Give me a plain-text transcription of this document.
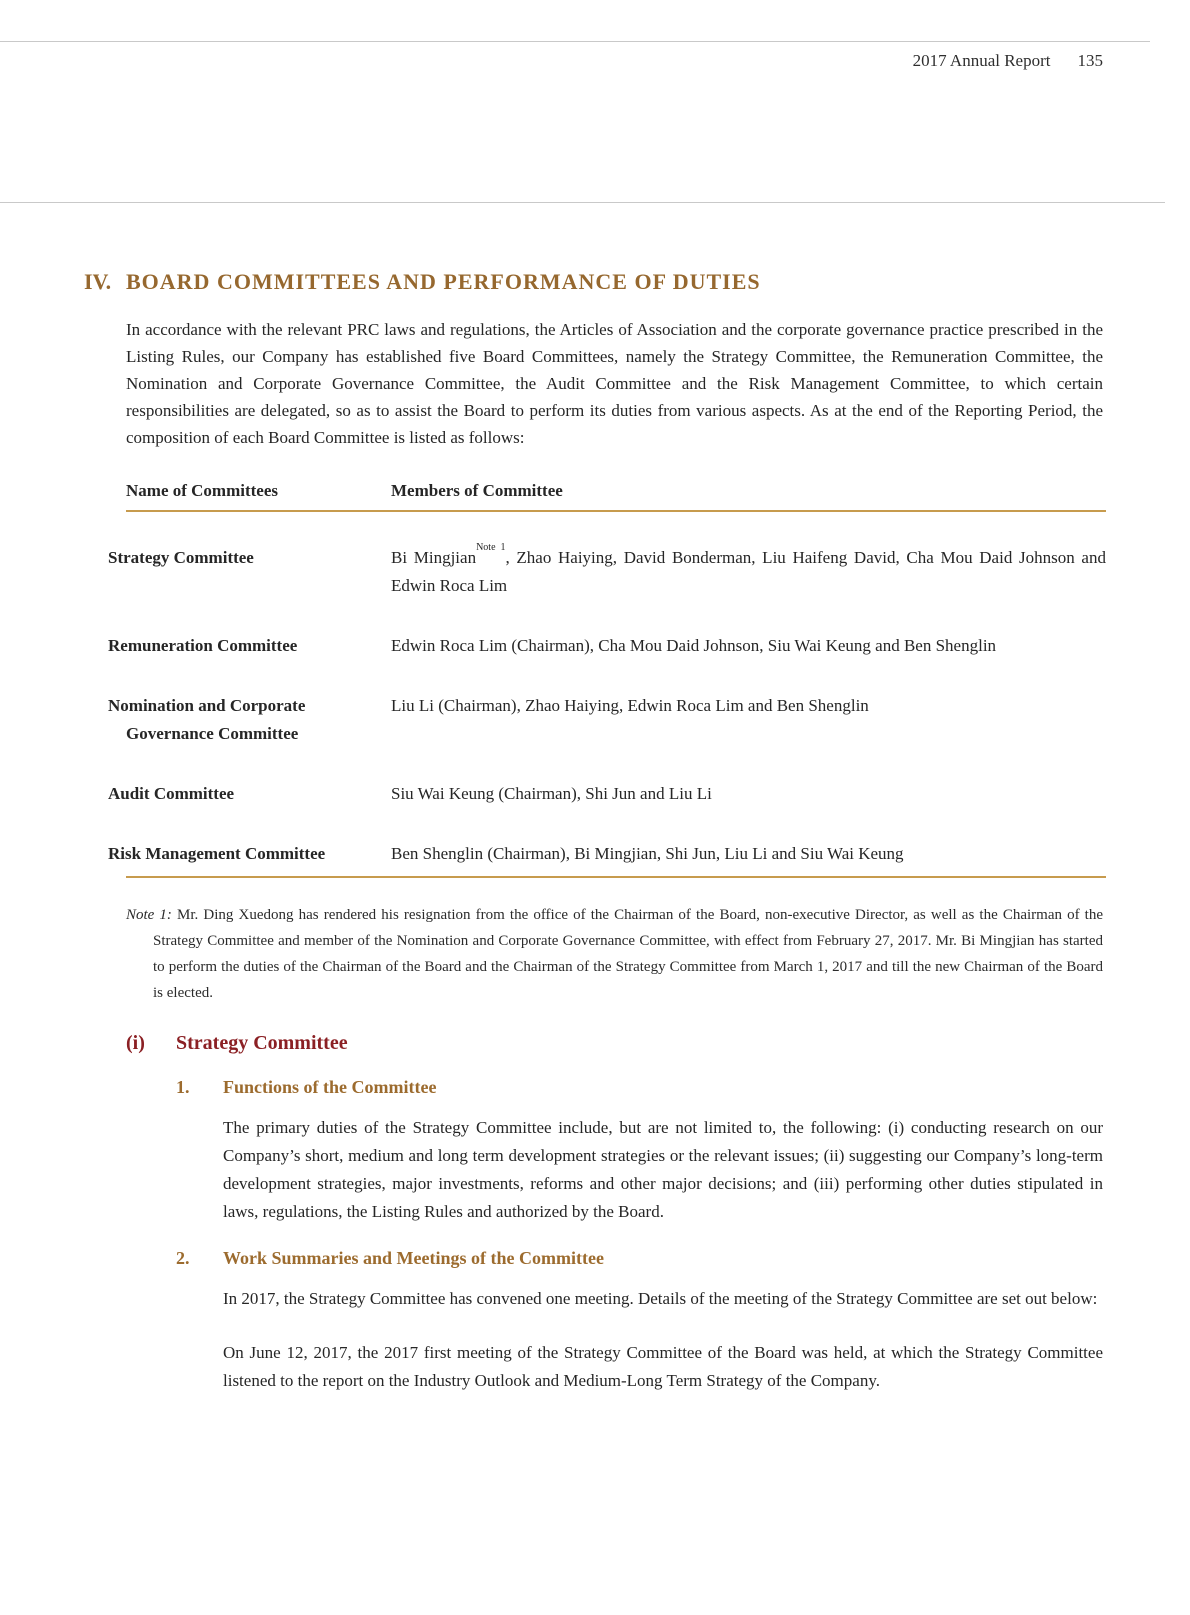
2017 Annual Report 135
IV. BOARD COMMITTEES AND PERFORMANCE OF DUTIES

In accordance with the relevant PRC laws and regulations, the Articles of Association and the corporate governance practice prescribed in the Listing Rules, our Company has established five Board Committees, namely the Strategy Committee, the Remuneration Committee, the Nomination and Corporate Governance Committee, the Audit Committee and the Risk Management Committee, to which certain responsibilities are delegated, so as to assist the Board to perform its duties from various aspects. As at the end of the Reporting Period, the composition of each Board Committee is listed as follows:

Name of Committees	Members of Committee
Strategy Committee	Bi Mingjian$^{Note 1}$, Zhao Haiying, David Bonderman, Liu Haifeng David, Cha Mou Daid Johnson and Edwin Roca Lim
Remuneration Committee	Edwin Roca Lim (Chairman), Cha Mou Daid Johnson, Siu Wai Keung and Ben Shenglin
Nomination and Corporate Governance Committee	Liu Li (Chairman), Zhao Haiying, Edwin Roca Lim and Ben Shenglin
Audit Committee	Siu Wai Keung (Chairman), Shi Jun and Liu Li
Risk Management Committee	Ben Shenglin (Chairman), Bi Mingjian, Shi Jun, Liu Li and Siu Wai Keung
Note 1: Mr. Ding Xuedong has rendered his resignation from the office of the Chairman of the Board, non-executive Director, as well as the Chairman of the Strategy Committee and member of the Nomination and Corporate Governance Committee, with effect from February 27, 2017. Mr. Bi Mingjian has started to perform the duties of the Chairman of the Board and the Chairman of the Strategy Committee from March 1, 2017 and till the new Chairman of the Board is elected.
(i) Strategy Committee
1. Functions of the Committee

The primary duties of the Strategy Committee include, but are not limited to, the following: (i) conducting research on our Company’s short, medium and long term development strategies or the relevant issues; (ii) suggesting our Company’s long-term development strategies, major investments, reforms and other major decisions; and (iii) performing other duties stipulated in laws, regulations, the Listing Rules and authorized by the Board.

2. Work Summaries and Meetings of the Committee

In 2017, the Strategy Committee has convened one meeting. Details of the meeting of the Strategy Committee are set out below:

On June 12, 2017, the 2017 first meeting of the Strategy Committee of the Board was held, at which the Strategy Committee listened to the report on the Industry Outlook and Medium-Long Term Strategy of the Company.
